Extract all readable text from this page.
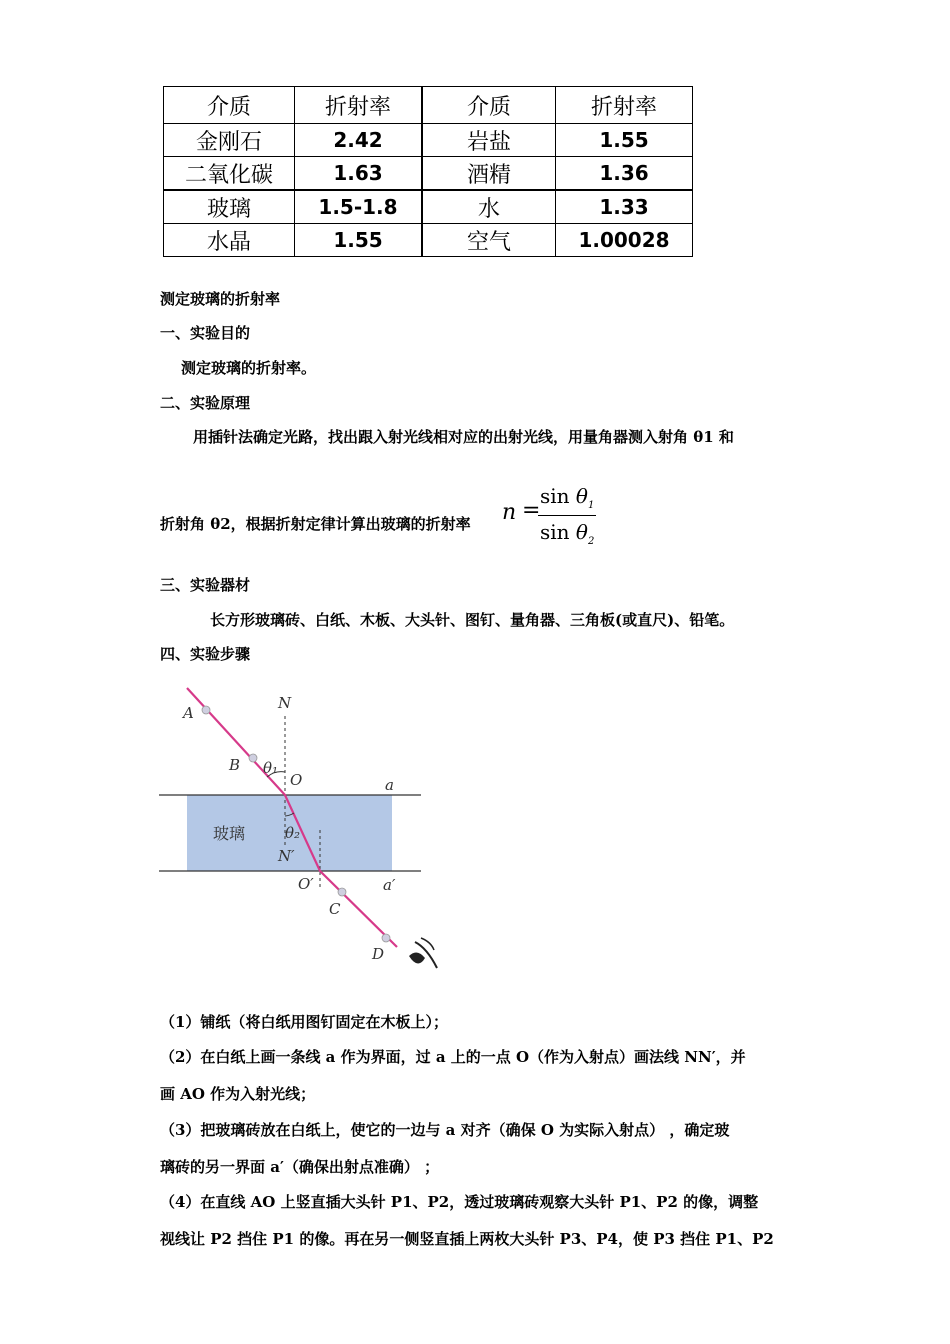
介质	折射率	介质	折射率
金刚石	2.42	岩盐	1.55
二氧化碳	1.63	酒精	1.36
玻璃	1.5-1.8	水	1.33
水晶	1.55	空气	1.00028
测定玻璃的折射率
一、实验目的
测定玻璃的折射率。
二、实验原理
用插针法确定光路，找出跟入射光线相对应的出射光线，用量角器测入射角 θ1 和
折射角 θ2，根据折射定律计算出玻璃的折射率 n =
$\sin \theta_1$
$\sin \theta_2$
三、实验器材
长方形玻璃砖、白纸、木板、大头针、图钉、量角器、三角板(或直尺)、铅笔。
四、实验步骤
A
B
C
D
N
N′
O
O′
a
a′
θ₁
θ₂
玻璃
（1）铺纸（将白纸用图钉固定在木板上）；
（2）在白纸上画一条线 a 作为界面，过 a 上的一点 O（作为入射点）画法线 NN′，并
画 AO 作为入射光线；
（3）把玻璃砖放在白纸上，使它的一边与 a 对齐（确保 O 为实际入射点） ，确定玻
璃砖的另一界面 a′（确保出射点准确） ；
（4）在直线 AO 上竖直插大头针 P1、P2，透过玻璃砖观察大头针 P1、P2 的像，调整
视线让 P2 挡住 P1 的像。再在另一侧竖直插上两枚大头针 P3、P4，使 P3 挡住 P1、P2
